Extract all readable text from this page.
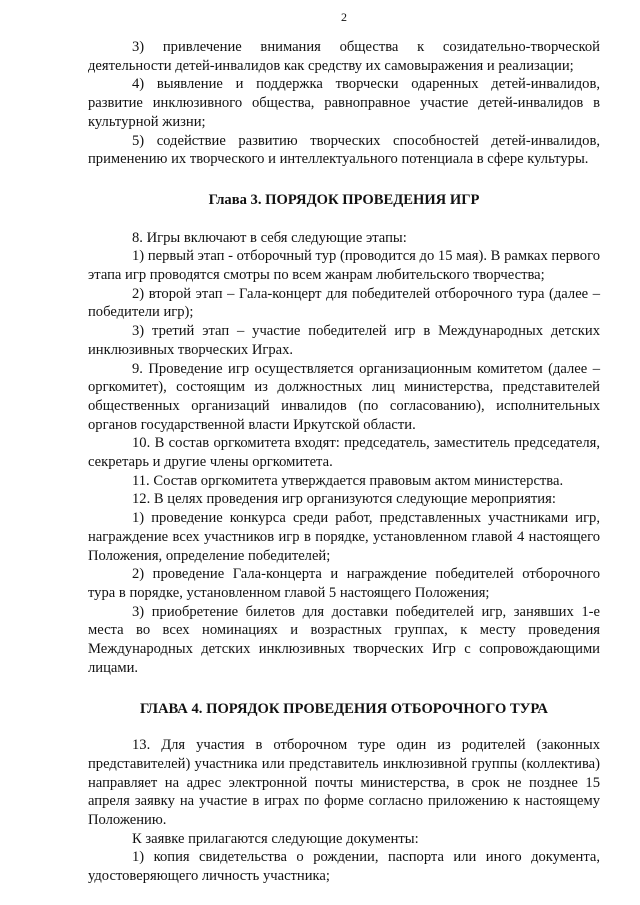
2

3) привлечение внимания общества к созидательно-творческой деятельности детей-инвалидов как средству их самовыражения и реализации;

4) выявление и поддержка творчески одаренных детей-инвалидов, развитие инклюзивного общества, равноправное участие детей-инвалидов в культурной жизни;

5) содействие развитию творческих способностей детей-инвалидов, применению их творческого и интеллектуального потенциала в сфере культуры.

Глава 3. ПОРЯДОК ПРОВЕДЕНИЯ ИГР

8. Игры включают в себя следующие этапы:

1) первый этап - отборочный тур (проводится до 15 мая). В рамках первого этапа игр проводятся смотры по всем жанрам любительского творчества;

2) второй этап – Гала-концерт для победителей отборочного тура (далее – победители игр);

3) третий этап – участие победителей игр в Международных детских инклюзивных творческих Играх.

9. Проведение игр осуществляется организационным комитетом (далее – оргкомитет), состоящим из должностных лиц министерства, представителей общественных организаций инвалидов (по согласованию), исполнительных органов государственной власти Иркутской области.

10. В состав оргкомитета входят: председатель, заместитель председателя, секретарь и другие члены оргкомитета.

11. Состав оргкомитета утверждается правовым актом министерства.

12. В целях проведения игр организуются следующие мероприятия:

1) проведение конкурса среди работ, представленных участниками игр, награждение всех участников игр в порядке, установленном главой 4 настоящего Положения, определение победителей;

2) проведение Гала-концерта и награждение победителей отборочного тура в порядке, установленном главой 5 настоящего Положения;

3) приобретение билетов для доставки победителей игр, занявших 1-е места во всех номинациях и возрастных группах, к месту проведения Международных детских инклюзивных творческих Игр с сопровождающими лицами.

ГЛАВА 4. ПОРЯДОК ПРОВЕДЕНИЯ ОТБОРОЧНОГО ТУРА

13. Для участия в отборочном туре один из родителей (законных представителей) участника или представитель инклюзивной группы (коллектива) направляет на адрес электронной почты министерства, в срок не позднее 15 апреля заявку на участие в играх по форме согласно приложению к настоящему Положению.

К заявке прилагаются следующие документы:

1) копия свидетельства о рождении, паспорта или иного документа, удостоверяющего личность участника;
